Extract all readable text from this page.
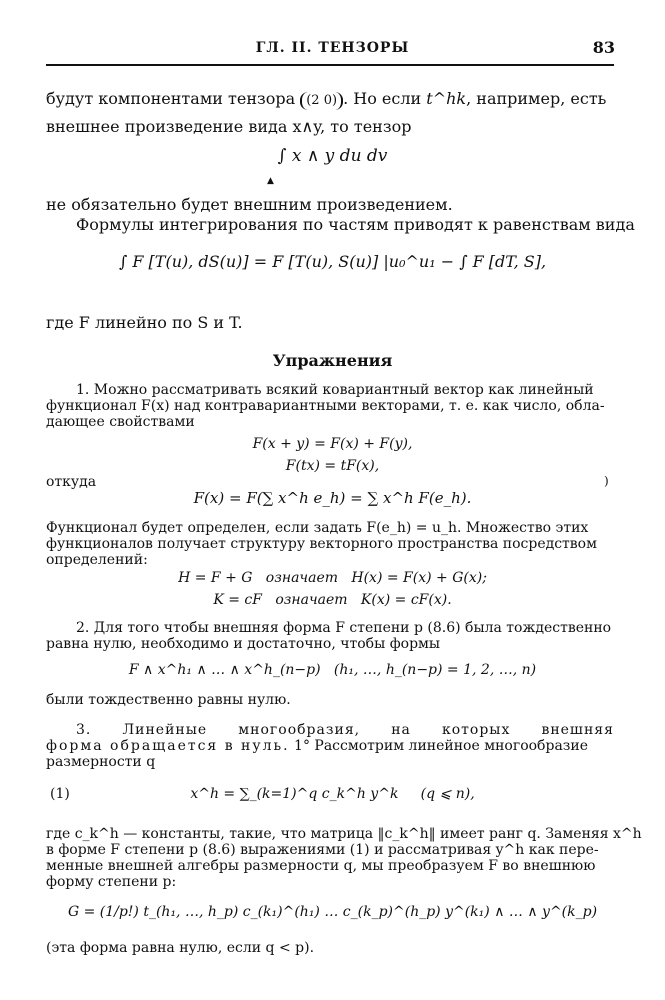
ГЛ. II. ТЕНЗОРЫ	83
будут компонентами тензора (2 0) . Но если t^hk, например, есть
внешнее произведение вида x∧y, то тензор
∫ x ∧ y du dv
▲
не обязательно будет внешним произведением.
Формулы интегрирования по частям приводят к равенствам вида
∫ F [T(u), dS(u)] = F [T(u), S(u)] |u₀^u₁ − ∫ F [dT, S],
u₁ … u … u₁ … u₀
где F линейно по S и T.
Упражнения
1. Можно рассматривать всякий ковариантный вектор как линейный
функционал F(x) над контравариантными векторами, т. е. как число, обла-
дающее свойствами
F(x + y) = F(x) + F(y),
F(tx) = tF(x),
откуда
F(x) = F(∑ x^h e_h) = ∑ x^h F(e_h).
)
Функционал будет определен, если задать F(e_h) = u_h. Множество этих
функционалов получает структуру векторного пространства посредством
определений:
H = F + G   означает   H(x) = F(x) + G(x);
K = cF   означает   K(x) = cF(x).
2. Для того чтобы внешняя форма F степени p (8.6) была тождественно
равна нулю, необходимо и достаточно, чтобы формы
F ∧ x^h₁ ∧ … ∧ x^h_(n−p)   (h₁, …, h_(n−p) = 1, 2, …, n)
были тождественно равны нулю.
3. Линейные многообразия, на которых внешняя
форма обращается в нуль. 1° Рассмотрим линейное многообразие
размерности q
(1)	x^h = ∑_(k=1)^q c_k^h y^k     (q ⩽ n),
где c_k^h — константы, такие, что матрица ‖c_k^h‖ имеет ранг q. Заменяя x^h
в форме F степени p (8.6) выражениями (1) и рассматривая y^h как пере-
менные внешней алгебры размерности q, мы преобразуем F во внешнюю
форму степени p:
G = (1/p!) t_(h₁, …, h_p) c_(k₁)^(h₁) … c_(k_p)^(h_p) y^(k₁) ∧ … ∧ y^(k_p)
(эта форма равна нулю, если q < p).
